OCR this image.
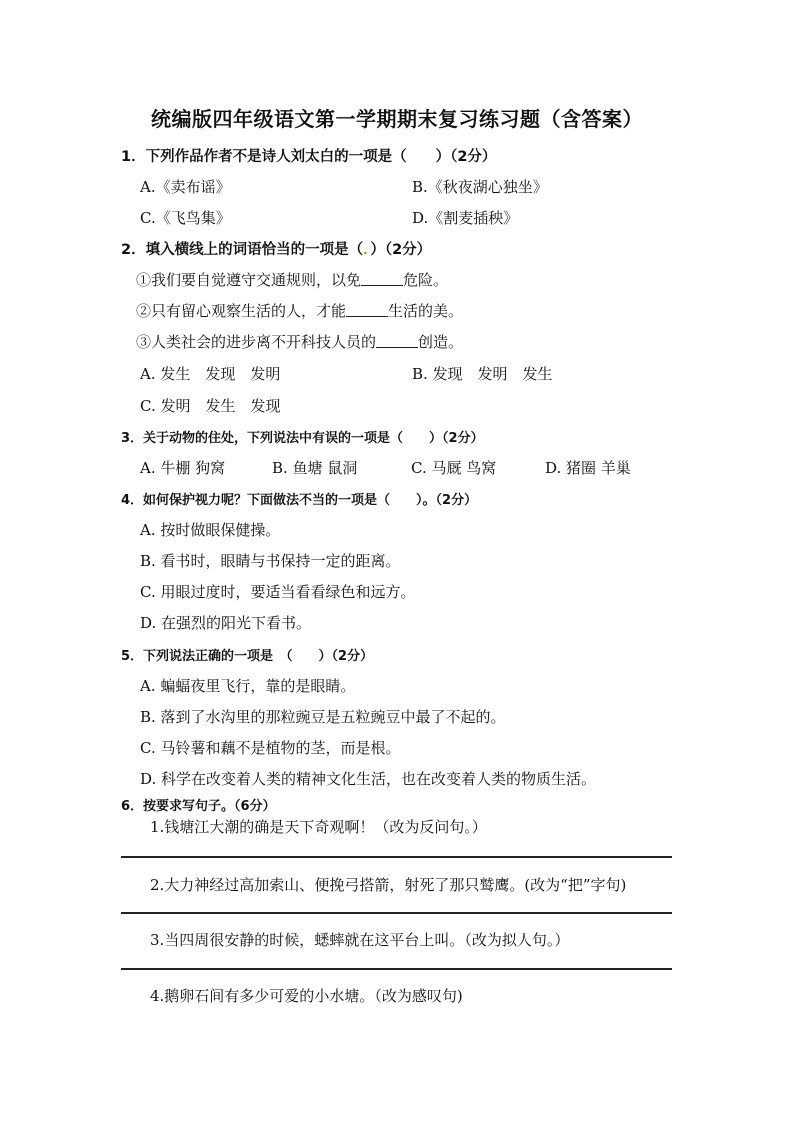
统编版四年级语文第一学期期末复习练习题（含答案）
1．下列作品作者不是诗人刘太白的一项是（　　）（2分）
A.《卖布谣》	B.《秋夜湖心独坐》
C.《飞鸟集》	D.《割麦插秧》
2．填入横线上的词语恰当的一项是（．）（2分）
①我们要自觉遵守交通规则，以免	危险。
②只有留心观察生活的人，才能	生活的美。
③人类社会的进步离不开科技人员的	创造。
A. 发生　发现　发明	B. 发现　发明　发生
C. 发明　发生　发现
3．关于动物的住处，下列说法中有误的一项是（　　）（2分）
A. 牛棚 狗窝	B. 鱼塘 鼠洞	C. 马厩 鸟窝	D. 猪圈 羊巢
4．如何保护视力呢？下面做法不当的一项是（　　）。（2分）
A. 按时做眼保健操。
B. 看书时，眼睛与书保持一定的距离。
C. 用眼过度时，要适当看看绿色和远方。
D. 在强烈的阳光下看书。
5．下列说法正确的一项是　（　　）（2分）
A. 蝙蝠夜里飞行，靠的是眼睛。
B. 落到了水沟里的那粒豌豆是五粒豌豆中最了不起的。
C. 马铃薯和藕不是植物的茎，而是根。
D. 科学在改变着人类的精神文化生活，也在改变着人类的物质生活。
6．按要求写句子。（6分）
1.钱塘江大潮的确是天下奇观啊！（改为反问句。）
2.大力神经过高加索山、便挽弓搭箭，射死了那只鹫鹰。(改为“把”字句)
3.当四周很安静的时候，蟋蟀就在这平台上叫。（改为拟人句。）
4.鹅卵石间有多少可爱的小水塘。（改为感叹句)
